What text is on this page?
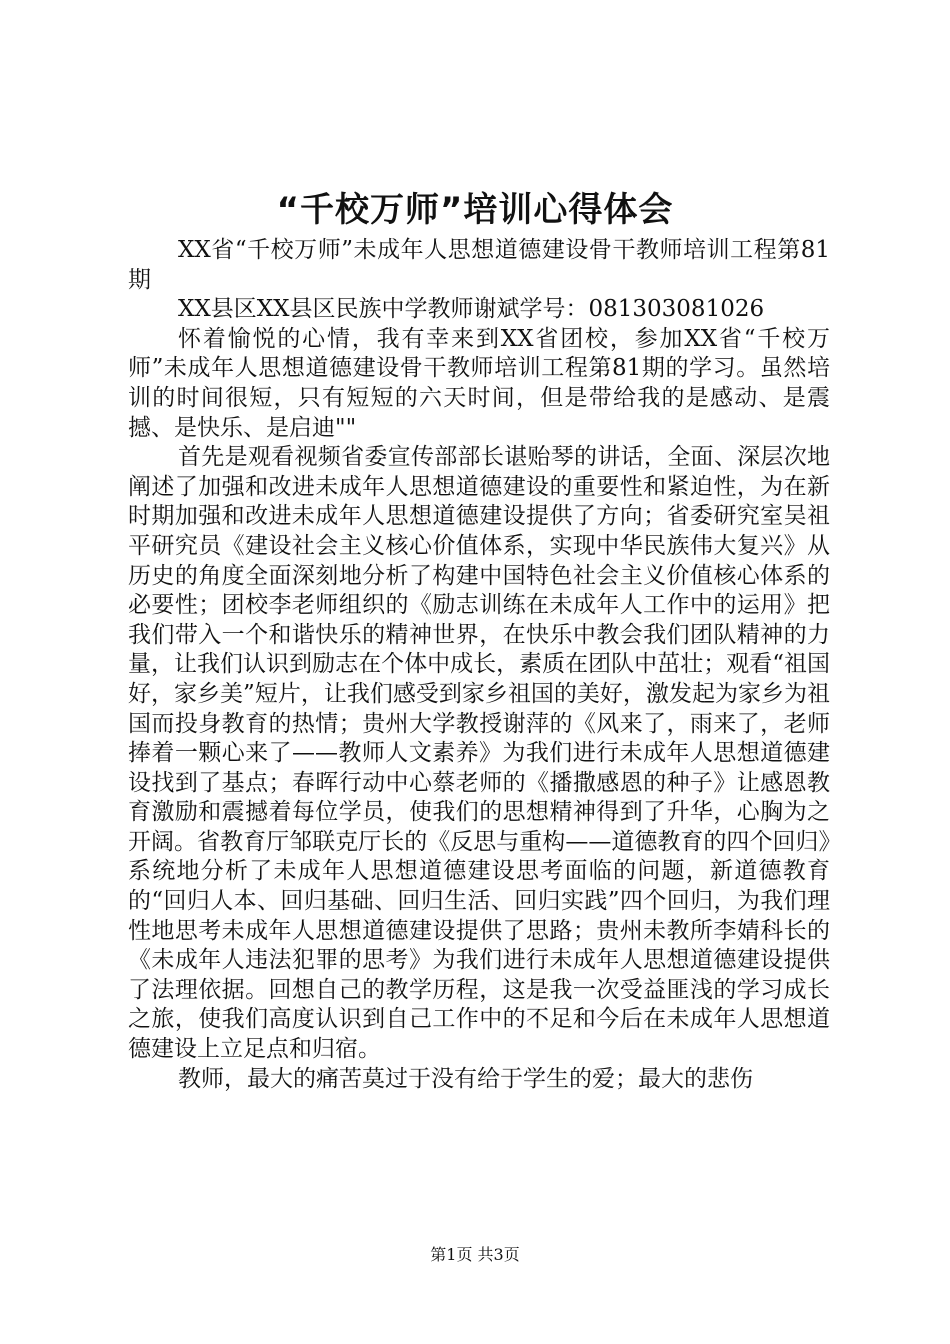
“千校万师”培训心得体会

XX省“千校万师”未成年人思想道德建设骨干教师培训工程第81期

XX县区XX县区民族中学教师谢斌学号：081303081026

怀着愉悦的心情，我有幸来到XX省团校，参加XX省“千校万师”未成年人思想道德建设骨干教师培训工程第81期的学习。虽然培训的时间很短，只有短短的六天时间，但是带给我的是感动、是震撼、是快乐、是启迪""

首先是观看视频省委宣传部部长谌贻琴的讲话，全面、深层次地阐述了加强和改进未成年人思想道德建设的重要性和紧迫性，为在新时期加强和改进未成年人思想道德建设提供了方向；省委研究室吴祖平研究员《建设社会主义核心价值体系，实现中华民族伟大复兴》从历史的角度全面深刻地分析了构建中国特色社会主义价值核心体系的必要性；团校李老师组织的《励志训练在未成年人工作中的运用》把我们带入一个和谐快乐的精神世界，在快乐中教会我们团队精神的力量，让我们认识到励志在个体中成长，素质在团队中茁壮；观看“祖国好，家乡美”短片，让我们感受到家乡祖国的美好，激发起为家乡为祖国而投身教育的热情；贵州大学教授谢萍的《风来了，雨来了，老师捧着一颗心来了——教师人文素养》为我们进行未成年人思想道德建设找到了基点；春晖行动中心蔡老师的《播撒感恩的种子》让感恩教育激励和震撼着每位学员，使我们的思想精神得到了升华，心胸为之开阔。省教育厅邹联克厅长的《反思与重构——道德教育的四个回归》系统地分析了未成年人思想道德建设思考面临的问题，新道德教育的“回归人本、回归基础、回归生活、回归实践”四个回归，为我们理性地思考未成年人思想道德建设提供了思路；贵州未教所李婧科长的《未成年人违法犯罪的思考》为我们进行未成年人思想道德建设提供了法理依据。回想自己的教学历程，这是我一次受益匪浅的学习成长之旅，使我们高度认识到自己工作中的不足和今后在未成年人思想道德建设上立足点和归宿。

教师，最大的痛苦莫过于没有给于学生的爱；最大的悲伤

第1页 共3页
